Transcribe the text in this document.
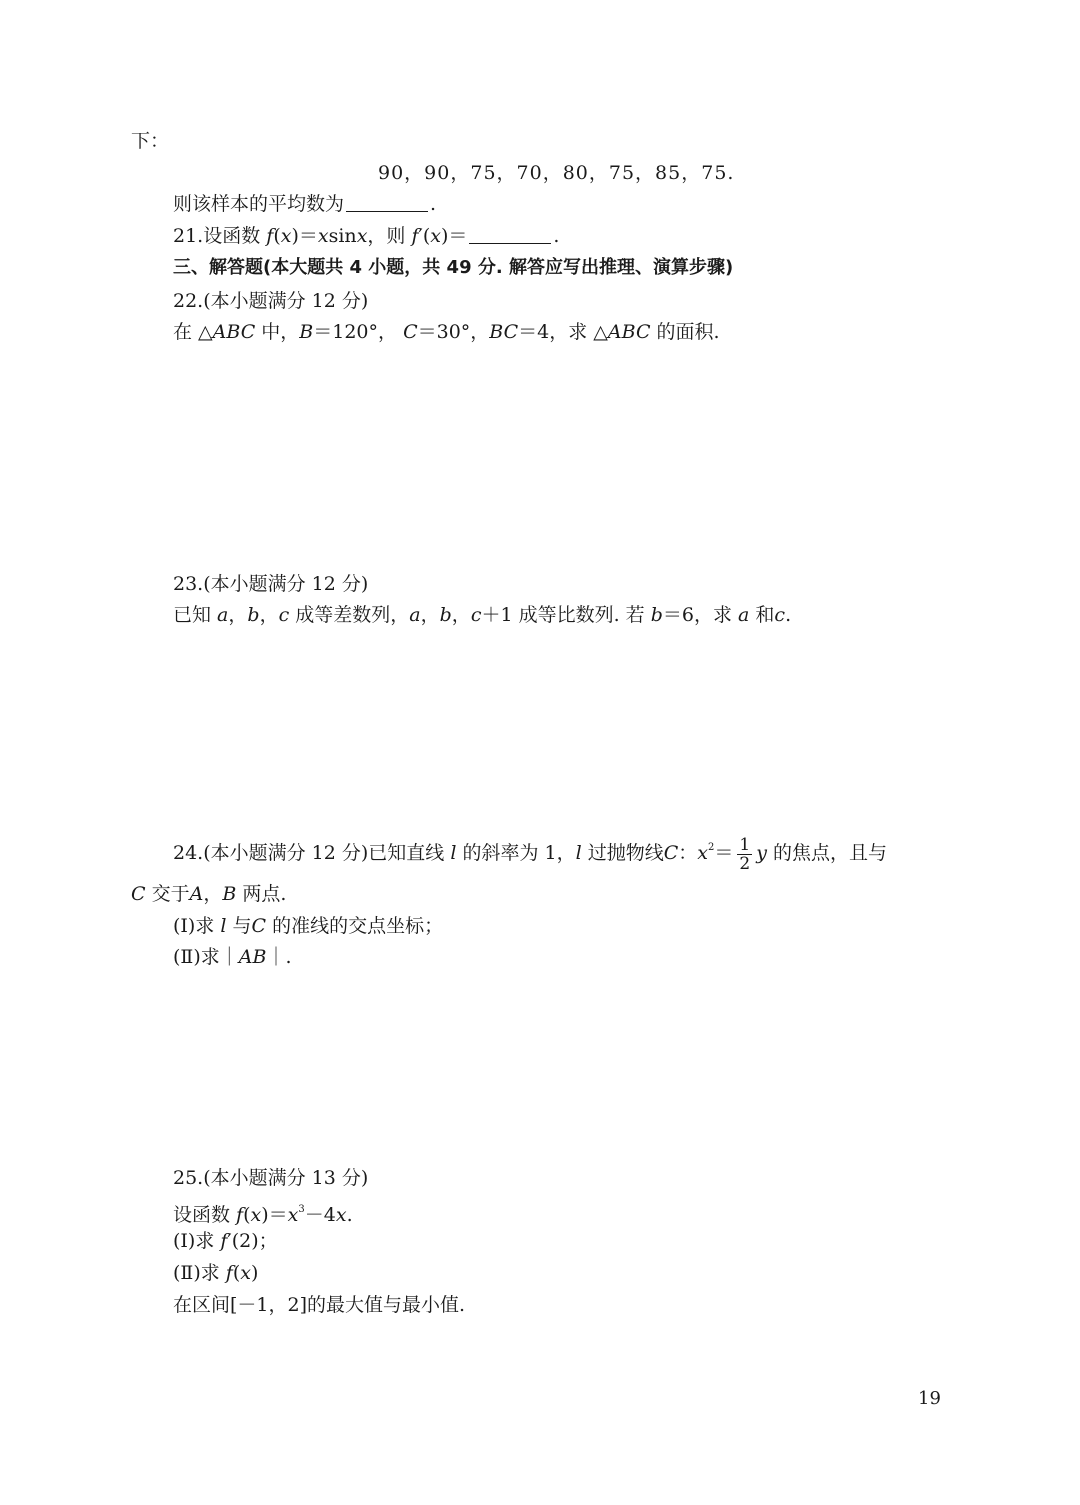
下：
90，90，75，70，80，75，85，75.
则该样本的平均数为	.
21.设函数 f(x)＝xsinx，则 f′(x)＝	.
三、解答题(本大题共 4 小题，共 49 分. 解答应写出推理、演算步骤)
22.(本小题满分 12 分)
在 △ABC 中，B＝120°， C＝30°，BC＝4，求 △ABC 的面积.
23.(本小题满分 12 分)
已知 a，b，c 成等差数列，a，b，c＋1 成等比数列. 若 b＝6，求 a 和c.
24.(本小题满分 12 分)已知直线 l 的斜率为 1，l 过抛物线C：$x^2= \frac{1}{2}$ y 的焦点，且与
C 交于A，B 两点.
(Ⅰ)求 l 与C 的准线的交点坐标；
(Ⅱ)求｜AB｜.
25.(本小题满分 13 分)
设函数 $f(x)=x^3-4x$.
(Ⅰ)求 f′(2)；
(Ⅱ)求 f(x)
在区间[－1，2]的最大值与最小值.
19
